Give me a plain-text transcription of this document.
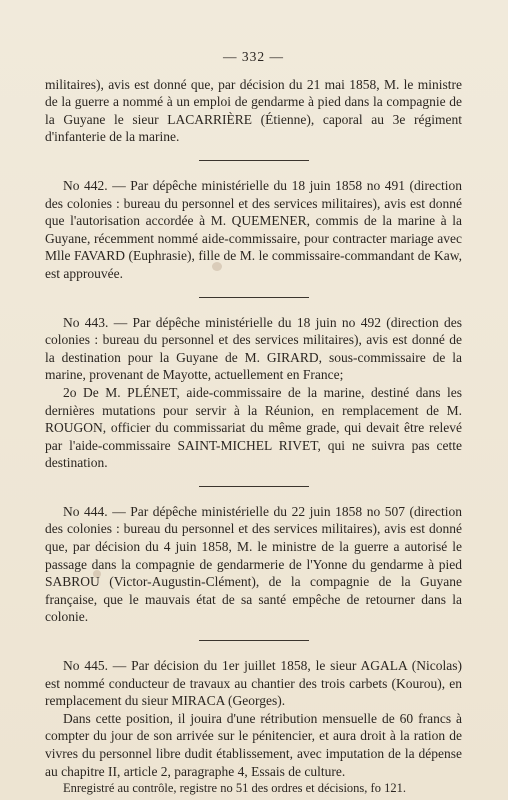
— 332 —

militaires), avis est donné que, par décision du 21 mai 1858, M. le ministre de la guerre a nommé à un emploi de gendarme à pied dans la compagnie de la Guyane le sieur LACARRIÈRE (Étienne), caporal au 3e régiment d'infanterie de la marine.

No 442. — Par dépêche ministérielle du 18 juin 1858 no 491 (direction des colonies : bureau du personnel et des services militaires), avis est donné que l'autorisation accordée à M. QUEMENER, commis de la marine à la Guyane, récemment nommé aide-commissaire, pour contracter mariage avec Mlle FAVARD (Euphrasie), fille de M. le commissaire-commandant de Kaw, est approuvée.

No 443. — Par dépêche ministérielle du 18 juin no 492 (direction des colonies : bureau du personnel et des services militaires), avis est donné de la destination pour la Guyane de M. GIRARD, sous-commissaire de la marine, provenant de Mayotte, actuellement en France;

2o De M. PLÉNET, aide-commissaire de la marine, destiné dans les dernières mutations pour servir à la Réunion, en remplacement de M. ROUGON, officier du commissariat du même grade, qui devait être relevé par l'aide-commissaire SAINT-MICHEL RIVET, qui ne suivra pas cette destination.

No 444. — Par dépêche ministérielle du 22 juin 1858 no 507 (direction des colonies : bureau du personnel et des services militaires), avis est donné que, par décision du 4 juin 1858, M. le ministre de la guerre a autorisé le passage dans la compagnie de gendarmerie de l'Yonne du gendarme à pied SABROU (Victor-Augustin-Clément), de la compagnie de la Guyane française, que le mauvais état de sa santé empêche de retourner dans la colonie.

No 445. — Par décision du 1er juillet 1858, le sieur AGALA (Nicolas) est nommé conducteur de travaux au chantier des trois carbets (Kourou), en remplacement du sieur MIRACA (Georges).

Dans cette position, il jouira d'une rétribution mensuelle de 60 francs à compter du jour de son arrivée sur le pénitencier, et aura droit à la ration de vivres du personnel libre dudit établissement, avec imputation de la dépense au chapitre II, article 2, paragraphe 4, Essais de culture.

Enregistré au contrôle, registre no 51 des ordres et décisions, fo 121.
